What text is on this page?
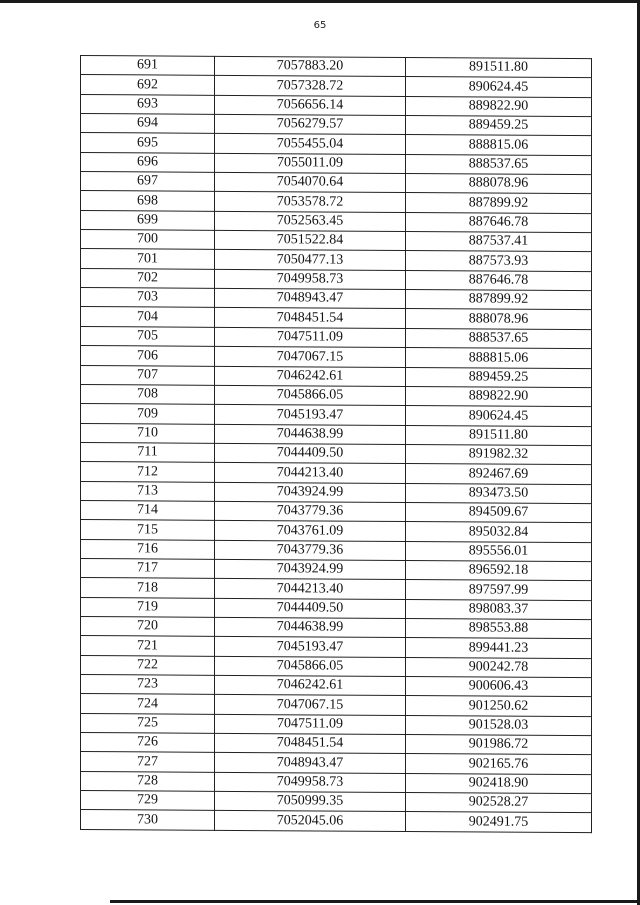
65
691	7057883.20	891511.80
692	7057328.72	890624.45
693	7056656.14	889822.90
694	7056279.57	889459.25
695	7055455.04	888815.06
696	7055011.09	888537.65
697	7054070.64	888078.96
698	7053578.72	887899.92
699	7052563.45	887646.78
700	7051522.84	887537.41
701	7050477.13	887573.93
702	7049958.73	887646.78
703	7048943.47	887899.92
704	7048451.54	888078.96
705	7047511.09	888537.65
706	7047067.15	888815.06
707	7046242.61	889459.25
708	7045866.05	889822.90
709	7045193.47	890624.45
710	7044638.99	891511.80
711	7044409.50	891982.32
712	7044213.40	892467.69
713	7043924.99	893473.50
714	7043779.36	894509.67
715	7043761.09	895032.84
716	7043779.36	895556.01
717	7043924.99	896592.18
718	7044213.40	897597.99
719	7044409.50	898083.37
720	7044638.99	898553.88
721	7045193.47	899441.23
722	7045866.05	900242.78
723	7046242.61	900606.43
724	7047067.15	901250.62
725	7047511.09	901528.03
726	7048451.54	901986.72
727	7048943.47	902165.76
728	7049958.73	902418.90
729	7050999.35	902528.27
730	7052045.06	902491.75
